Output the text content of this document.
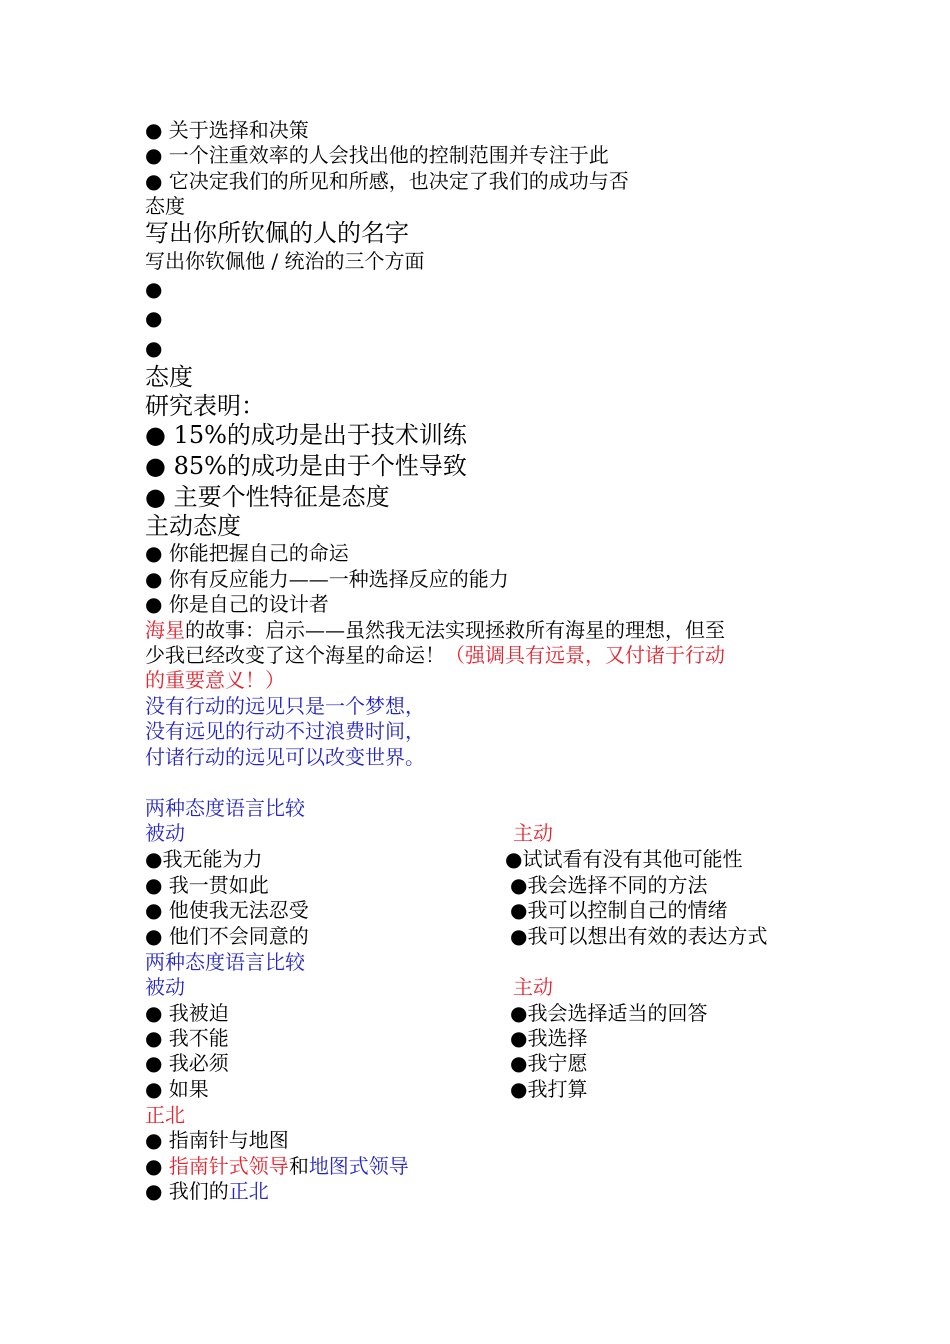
● 关于选择和决策
● 一个注重效率的人会找出他的控制范围并专注于此
● 它决定我们的所见和所感，也决定了我们的成功与否
态度
写出你所钦佩的人的名字
写出你钦佩他 / 统治的三个方面
●
●
●
态度
研究表明：
● 15%的成功是出于技术训练
● 85%的成功是由于个性导致
● 主要个性特征是态度
主动态度
● 你能把握自己的命运
● 你有反应能力——一种选择反应的能力
● 你是自己的设计者
海星的故事：启示——虽然我无法实现拯救所有海星的理想，但至
少我已经改变了这个海星的命运！（强调具有远景，又付诸于行动
的重要意义！）
没有行动的远见只是一个梦想，
没有远见的行动不过浪费时间，
付诸行动的远见可以改变世界。
两种态度语言比较
被动	主动
●我无能为力
● 我一贯如此
● 他使我无法忍受
● 他们不会同意的
●试试看有没有其他可能性
●我会选择不同的方法
●我可以控制自己的情绪
●我可以想出有效的表达方式
两种态度语言比较
被动	主动
● 我被迫
● 我不能
● 我必须
● 如果
●我会选择适当的回答
●我选择
●我宁愿
●我打算
正北
● 指南针与地图
● 指南针式领导和地图式领导
● 我们的正北
